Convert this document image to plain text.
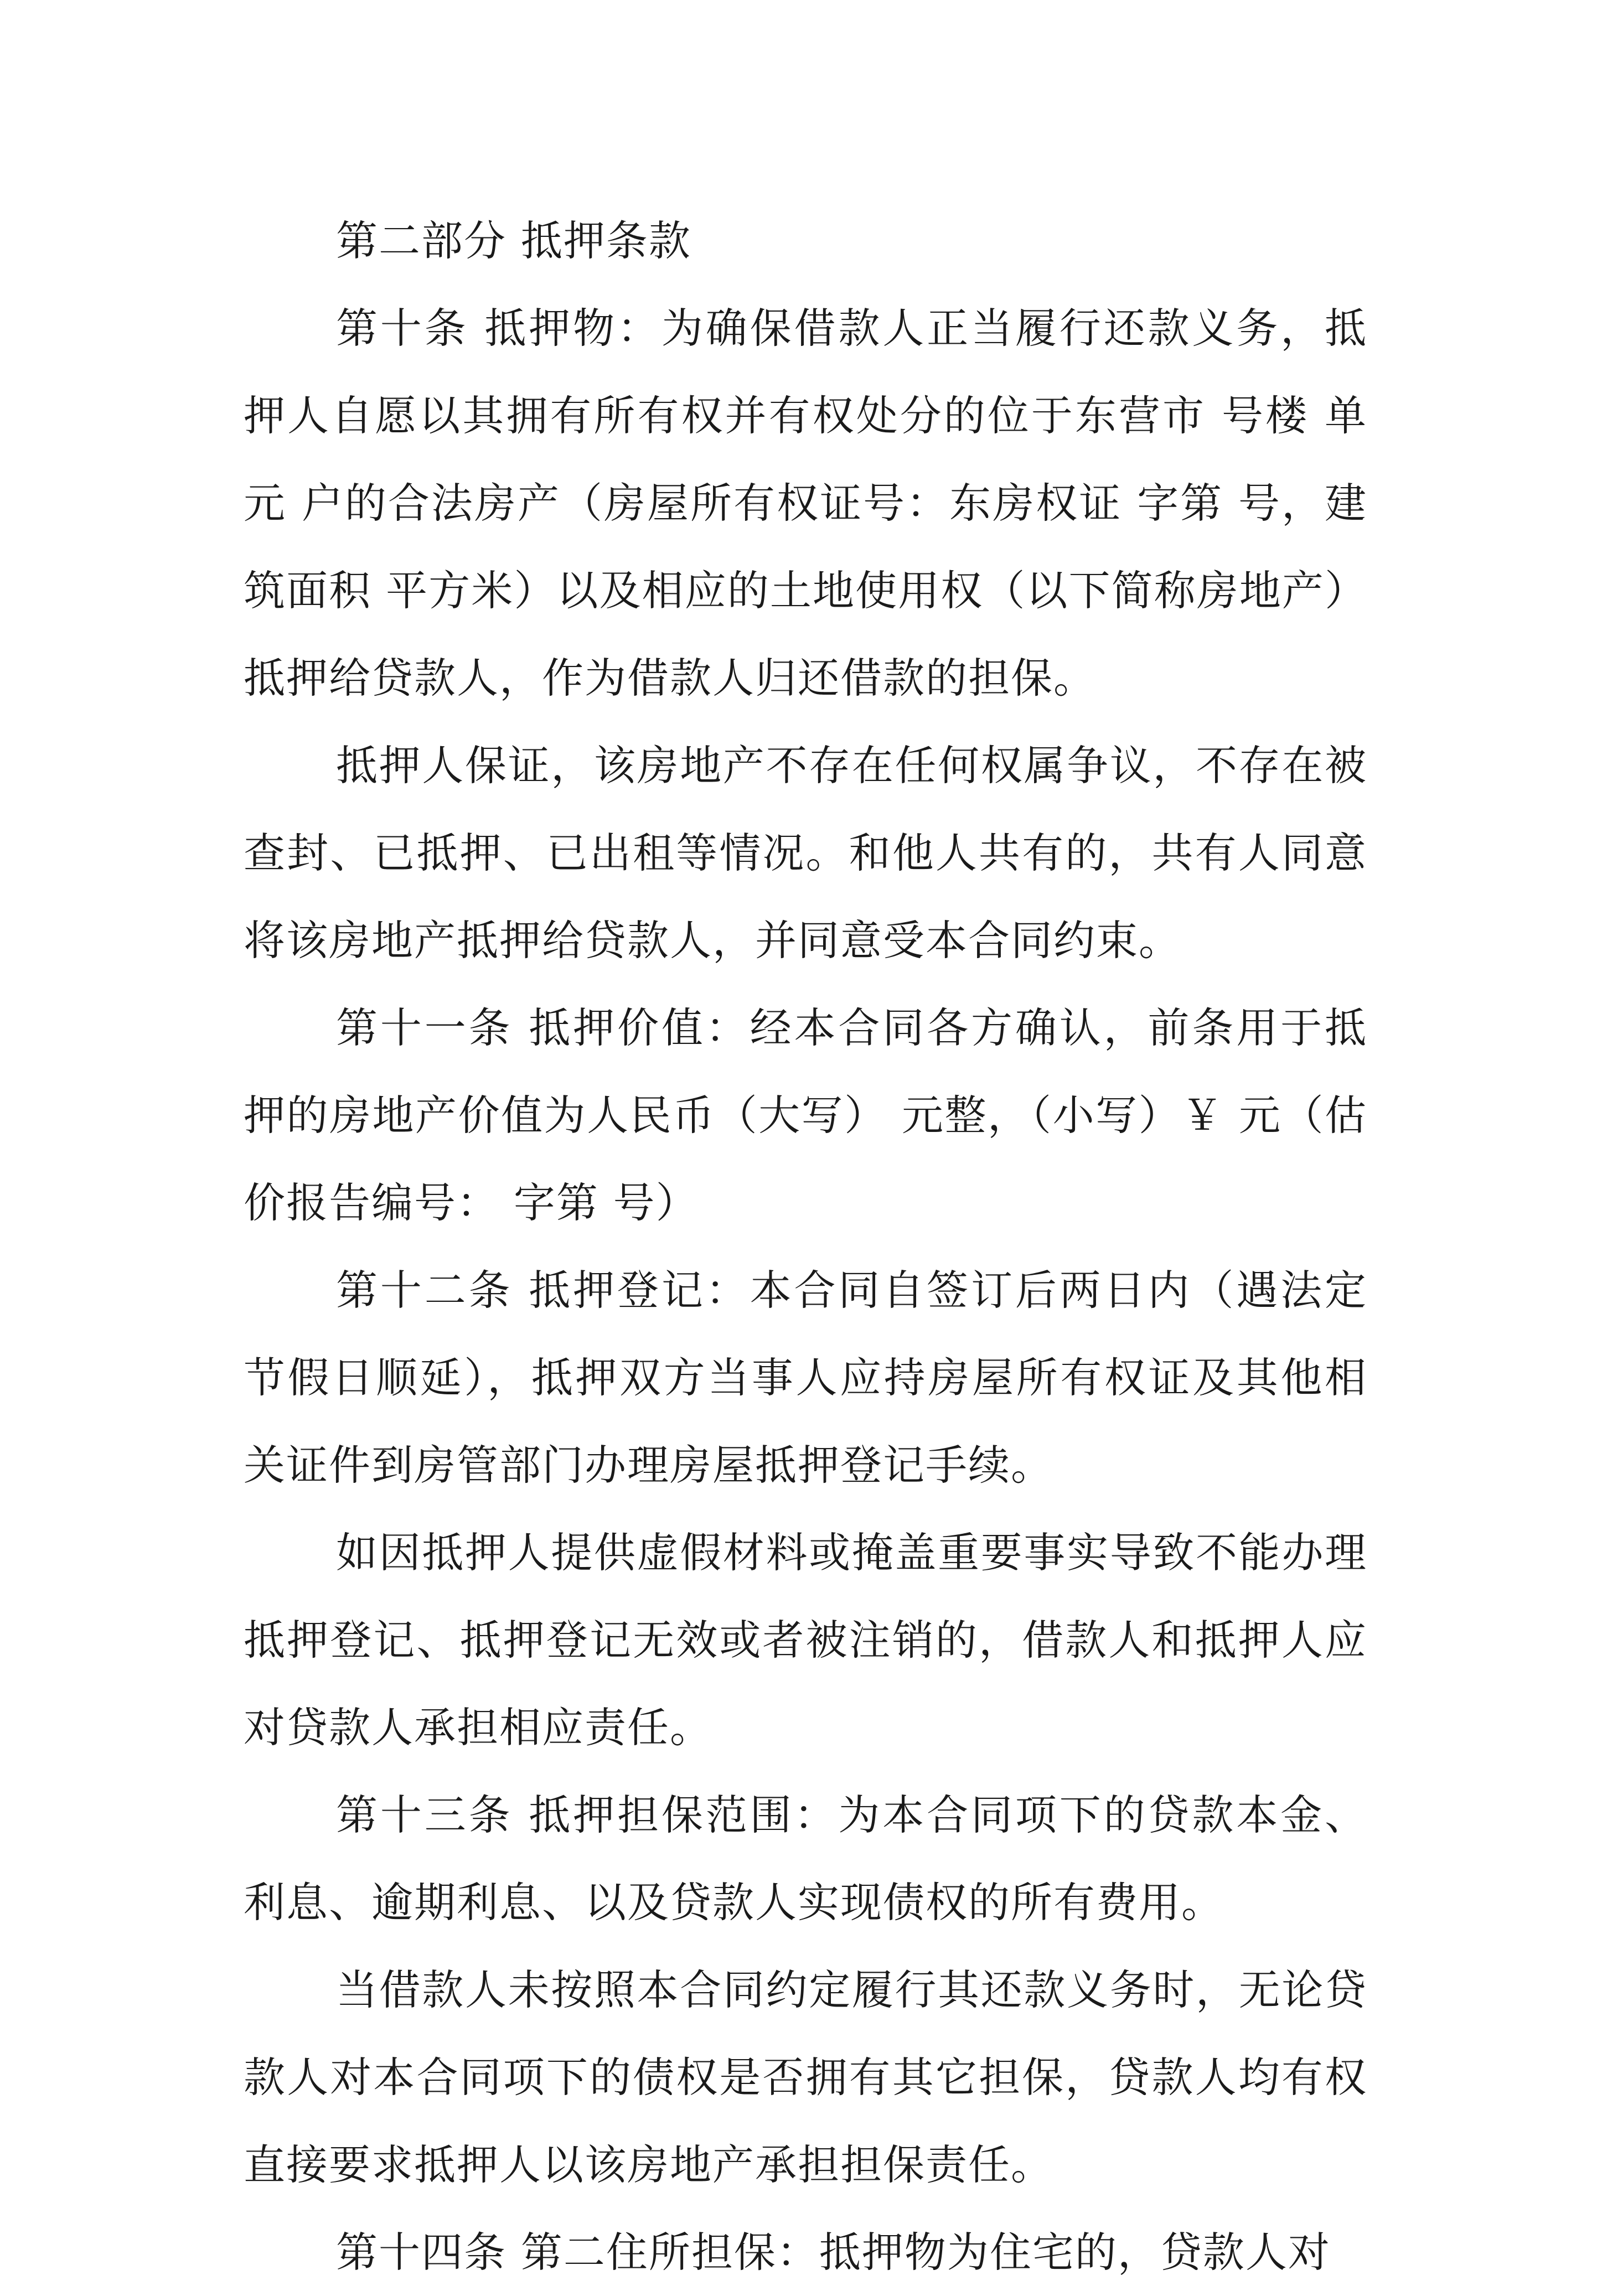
第二部分 抵押条款

第十条 抵押物：为确保借款人正当履行还款义务，抵押人自愿以其拥有所有权并有权处分的位于东营市 号楼 单元 户的合法房产（房屋所有权证号：东房权证 字第 号，建筑面积 平方米）以及相应的土地使用权（以下简称房地产）抵押给贷款人，作为借款人归还借款的担保。

抵押人保证，该房地产不存在任何权属争议，不存在被查封、已抵押、已出租等情况。和他人共有的，共有人同意将该房地产抵押给贷款人，并同意受本合同约束。

第十一条 抵押价值：经本合同各方确认，前条用于抵押的房地产价值为人民币（大写） 元整，（小写）￥ 元（估价报告编号： 字第 号）

第十二条 抵押登记：本合同自签订后两日内（遇法定节假日顺延），抵押双方当事人应持房屋所有权证及其他相关证件到房管部门办理房屋抵押登记手续。

如因抵押人提供虚假材料或掩盖重要事实导致不能办理抵押登记、抵押登记无效或者被注销的，借款人和抵押人应对贷款人承担相应责任。

第十三条 抵押担保范围：为本合同项下的贷款本金、利息、逾期利息、以及贷款人实现债权的所有费用。

当借款人未按照本合同约定履行其还款义务时，无论贷款人对本合同项下的债权是否拥有其它担保，贷款人均有权直接要求抵押人以该房地产承担担保责任。

第十四条 第二住所担保：抵押物为住宅的，贷款人对
